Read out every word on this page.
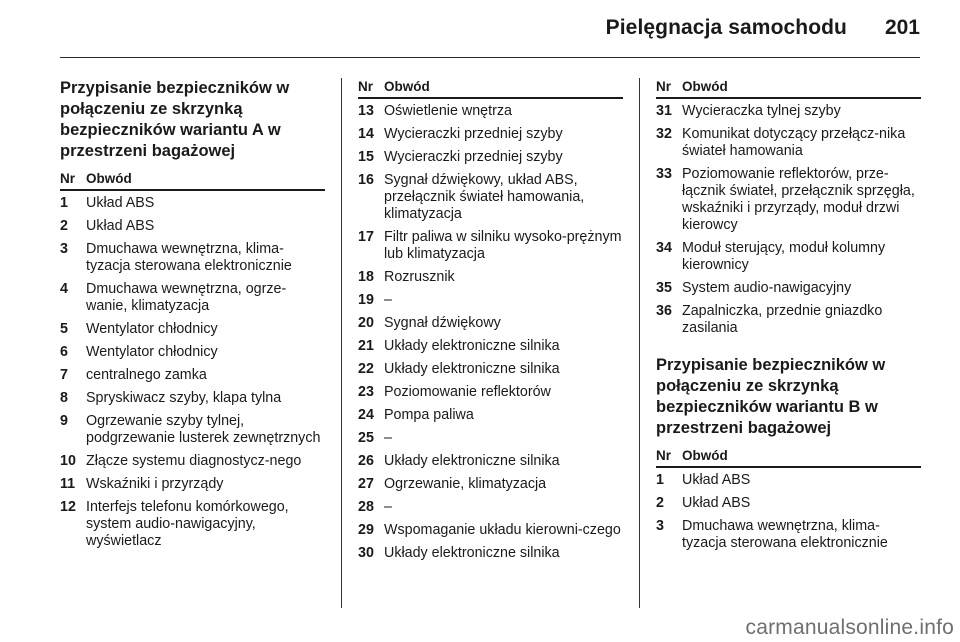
Pielęgnacja samochodu 201
Przypisanie bezpieczników w połączeniu ze skrzynką bezpieczników wariantu A w przestrzeni bagażowej
Nr Obwód
1	Układ ABS
2	Układ ABS
3	Dmuchawa wewnętrzna, klima-tyzacja sterowana elektronicznie
4	Dmuchawa wewnętrzna, ogrze-wanie, klimatyzacja
5	Wentylator chłodnicy
6	Wentylator chłodnicy
7	centralnego zamka
8	Spryskiwacz szyby, klapa tylna
9	Ogrzewanie szyby tylnej, podgrzewanie lusterek zewnętrznych
10 Złącze systemu diagnostycz-nego
11 Wskaźniki i przyrządy
12 Interfejs telefonu komórkowego, system audio-nawigacyjny, wyświetlacz
Nr Obwód
13 Oświetlenie wnętrza
14 Wycieraczki przedniej szyby
15 Wycieraczki przedniej szyby
16 Sygnał dźwiękowy, układ ABS, przełącznik świateł hamowania, klimatyzacja
17 Filtr paliwa w silniku wysoko-prężnym lub klimatyzacja
18 Rozrusznik
19 –
20 Sygnał dźwiękowy
21 Układy elektroniczne silnika
22 Układy elektroniczne silnika
23 Poziomowanie reflektorów
24 Pompa paliwa
25 –
26 Układy elektroniczne silnika
27 Ogrzewanie, klimatyzacja
28 –
29 Wspomaganie układu kierowni-czego
30 Układy elektroniczne silnika
Nr Obwód
31 Wycieraczka tylnej szyby
32 Komunikat dotyczący przełącz-nika świateł hamowania
33 Poziomowanie reflektorów, prze-łącznik świateł, przełącznik sprzęgła, wskaźniki i przyrządy, moduł drzwi kierowcy
34 Moduł sterujący, moduł kolumny kierownicy
35 System audio-nawigacyjny
36 Zapalniczka, przednie gniazdko zasilania
Przypisanie bezpieczników w połączeniu ze skrzynką bezpieczników wariantu B w przestrzeni bagażowej
Nr Obwód
1	Układ ABS
2	Układ ABS
3	Dmuchawa wewnętrzna, klima-tyzacja sterowana elektronicznie
carmanualsonline.info
